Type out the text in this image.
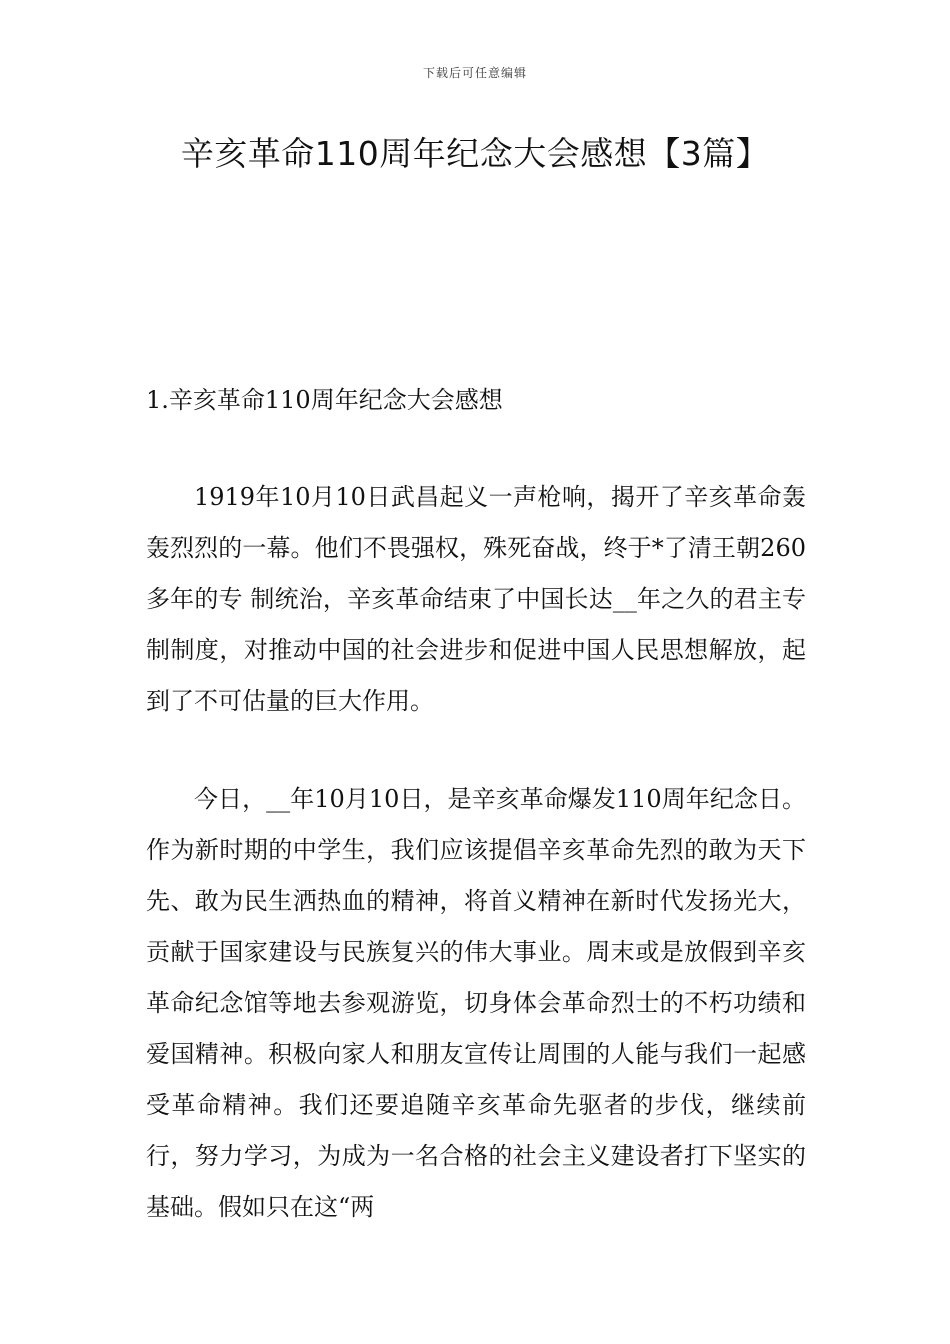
下载后可任意编辑
辛亥革命110周年纪念大会感想【3篇】
1.辛亥革命110周年纪念大会感想

1919年10月10日武昌起义一声枪响，揭开了辛亥革命轰轰烈烈的一幕。他们不畏强权，殊死奋战，终于*了清王朝260多年的专 制统治，辛亥革命结束了中国长达__年之久的君主专 制制度，对推动中国的社会进步和促进中国人民思想解放，起到了不可估量的巨大作用。

今日，__年10月10日，是辛亥革命爆发110周年纪念日。作为新时期的中学生，我们应该提倡辛亥革命先烈的敢为天下先、敢为民生洒热血的精神，将首义精神在新时代发扬光大，贡献于国家建设与民族复兴的伟大事业。周末或是放假到辛亥革命纪念馆等地去参观游览，切身体会革命烈士的不朽功绩和爱国精神。积极向家人和朋友宣传让周围的人能与我们一起感受革命精神。我们还要追随辛亥革命先驱者的步伐，继续前行，努力学习，为成为一名合格的社会主义建设者打下坚实的基础。假如只在这“两
